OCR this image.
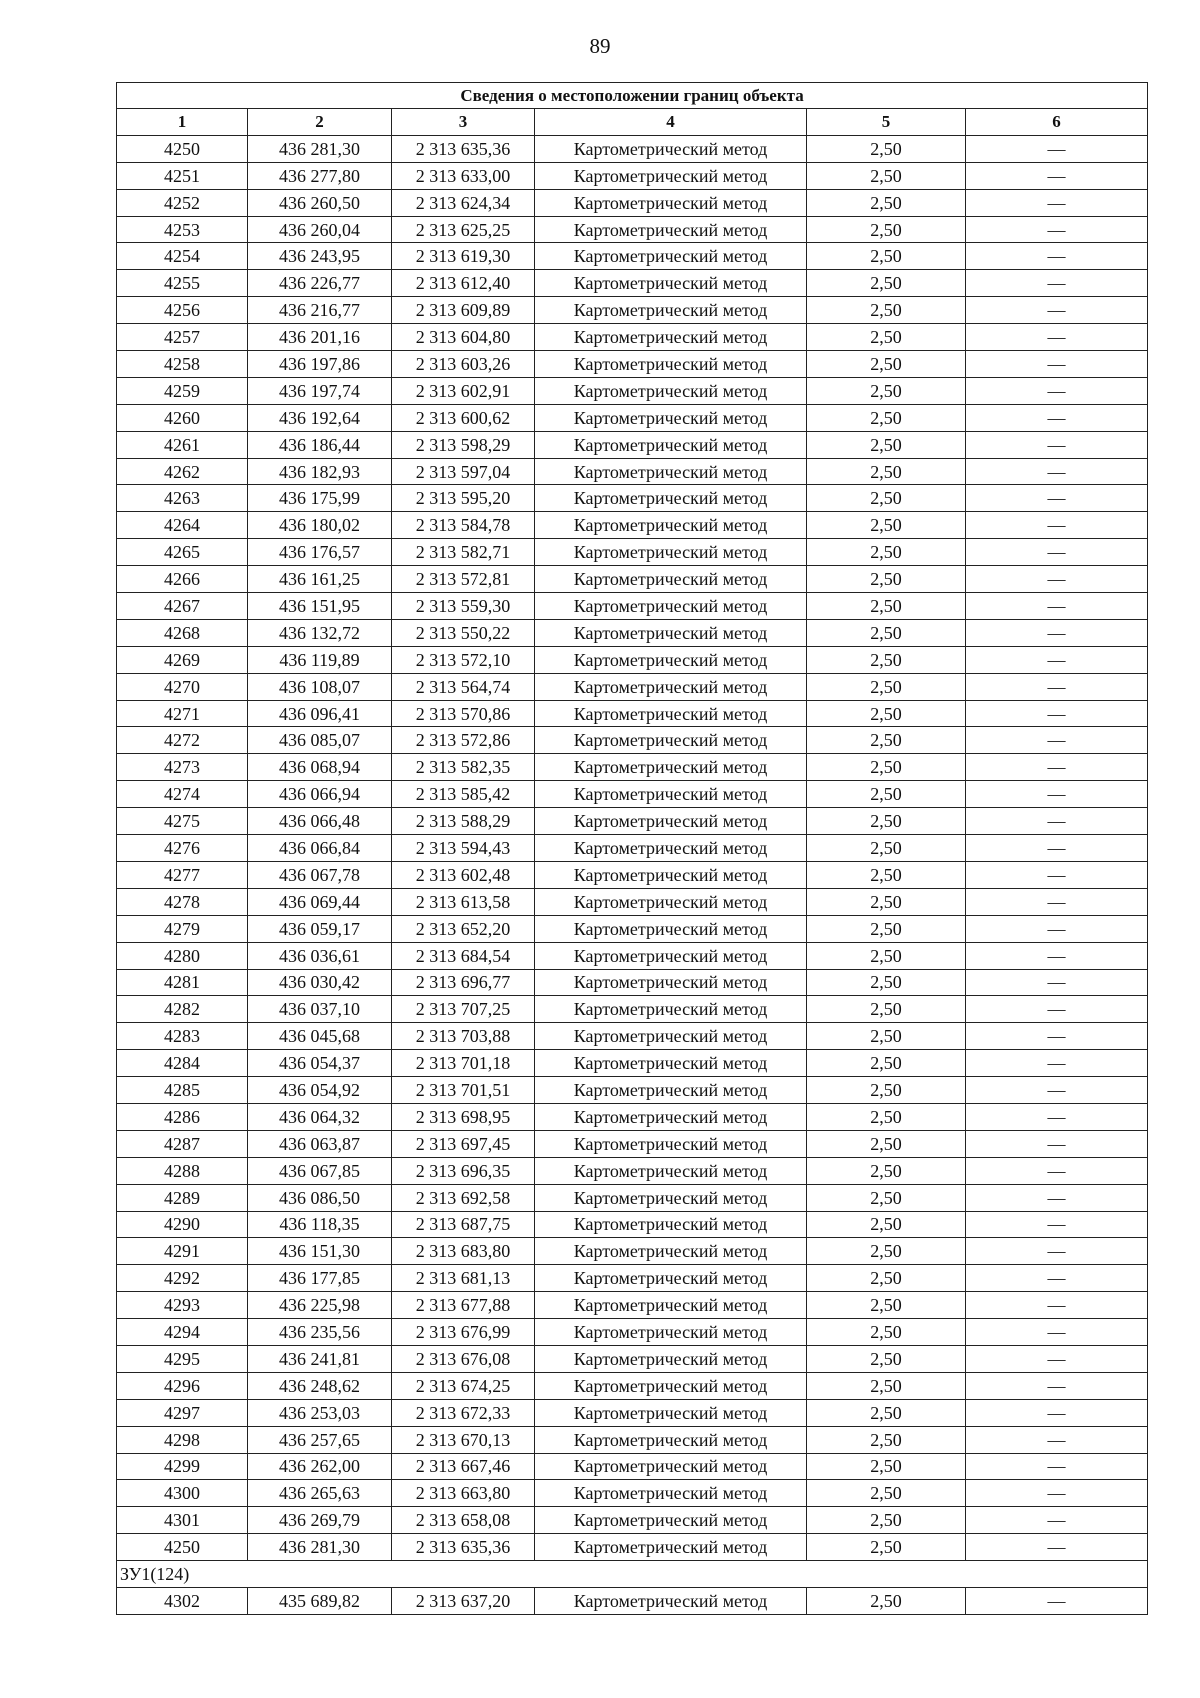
89
Сведения о местоположении границ объекта					
1	2	3	4	5	6
4250	436 281,30	2 313 635,36	Картометрический метод	2,50	—
4251	436 277,80	2 313 633,00	Картометрический метод	2,50	—
4252	436 260,50	2 313 624,34	Картометрический метод	2,50	—
4253	436 260,04	2 313 625,25	Картометрический метод	2,50	—
4254	436 243,95	2 313 619,30	Картометрический метод	2,50	—
4255	436 226,77	2 313 612,40	Картометрический метод	2,50	—
4256	436 216,77	2 313 609,89	Картометрический метод	2,50	—
4257	436 201,16	2 313 604,80	Картометрический метод	2,50	—
4258	436 197,86	2 313 603,26	Картометрический метод	2,50	—
4259	436 197,74	2 313 602,91	Картометрический метод	2,50	—
4260	436 192,64	2 313 600,62	Картометрический метод	2,50	—
4261	436 186,44	2 313 598,29	Картометрический метод	2,50	—
4262	436 182,93	2 313 597,04	Картометрический метод	2,50	—
4263	436 175,99	2 313 595,20	Картометрический метод	2,50	—
4264	436 180,02	2 313 584,78	Картометрический метод	2,50	—
4265	436 176,57	2 313 582,71	Картометрический метод	2,50	—
4266	436 161,25	2 313 572,81	Картометрический метод	2,50	—
4267	436 151,95	2 313 559,30	Картометрический метод	2,50	—
4268	436 132,72	2 313 550,22	Картометрический метод	2,50	—
4269	436 119,89	2 313 572,10	Картометрический метод	2,50	—
4270	436 108,07	2 313 564,74	Картометрический метод	2,50	—
4271	436 096,41	2 313 570,86	Картометрический метод	2,50	—
4272	436 085,07	2 313 572,86	Картометрический метод	2,50	—
4273	436 068,94	2 313 582,35	Картометрический метод	2,50	—
4274	436 066,94	2 313 585,42	Картометрический метод	2,50	—
4275	436 066,48	2 313 588,29	Картометрический метод	2,50	—
4276	436 066,84	2 313 594,43	Картометрический метод	2,50	—
4277	436 067,78	2 313 602,48	Картометрический метод	2,50	—
4278	436 069,44	2 313 613,58	Картометрический метод	2,50	—
4279	436 059,17	2 313 652,20	Картометрический метод	2,50	—
4280	436 036,61	2 313 684,54	Картометрический метод	2,50	—
4281	436 030,42	2 313 696,77	Картометрический метод	2,50	—
4282	436 037,10	2 313 707,25	Картометрический метод	2,50	—
4283	436 045,68	2 313 703,88	Картометрический метод	2,50	—
4284	436 054,37	2 313 701,18	Картометрический метод	2,50	—
4285	436 054,92	2 313 701,51	Картометрический метод	2,50	—
4286	436 064,32	2 313 698,95	Картометрический метод	2,50	—
4287	436 063,87	2 313 697,45	Картометрический метод	2,50	—
4288	436 067,85	2 313 696,35	Картометрический метод	2,50	—
4289	436 086,50	2 313 692,58	Картометрический метод	2,50	—
4290	436 118,35	2 313 687,75	Картометрический метод	2,50	—
4291	436 151,30	2 313 683,80	Картометрический метод	2,50	—
4292	436 177,85	2 313 681,13	Картометрический метод	2,50	—
4293	436 225,98	2 313 677,88	Картометрический метод	2,50	—
4294	436 235,56	2 313 676,99	Картометрический метод	2,50	—
4295	436 241,81	2 313 676,08	Картометрический метод	2,50	—
4296	436 248,62	2 313 674,25	Картометрический метод	2,50	—
4297	436 253,03	2 313 672,33	Картометрический метод	2,50	—
4298	436 257,65	2 313 670,13	Картометрический метод	2,50	—
4299	436 262,00	2 313 667,46	Картометрический метод	2,50	—
4300	436 265,63	2 313 663,80	Картометрический метод	2,50	—
4301	436 269,79	2 313 658,08	Картометрический метод	2,50	—
4250	436 281,30	2 313 635,36	Картометрический метод	2,50	—
ЗУ1(124)					
4302	435 689,82	2 313 637,20	Картометрический метод	2,50	—
